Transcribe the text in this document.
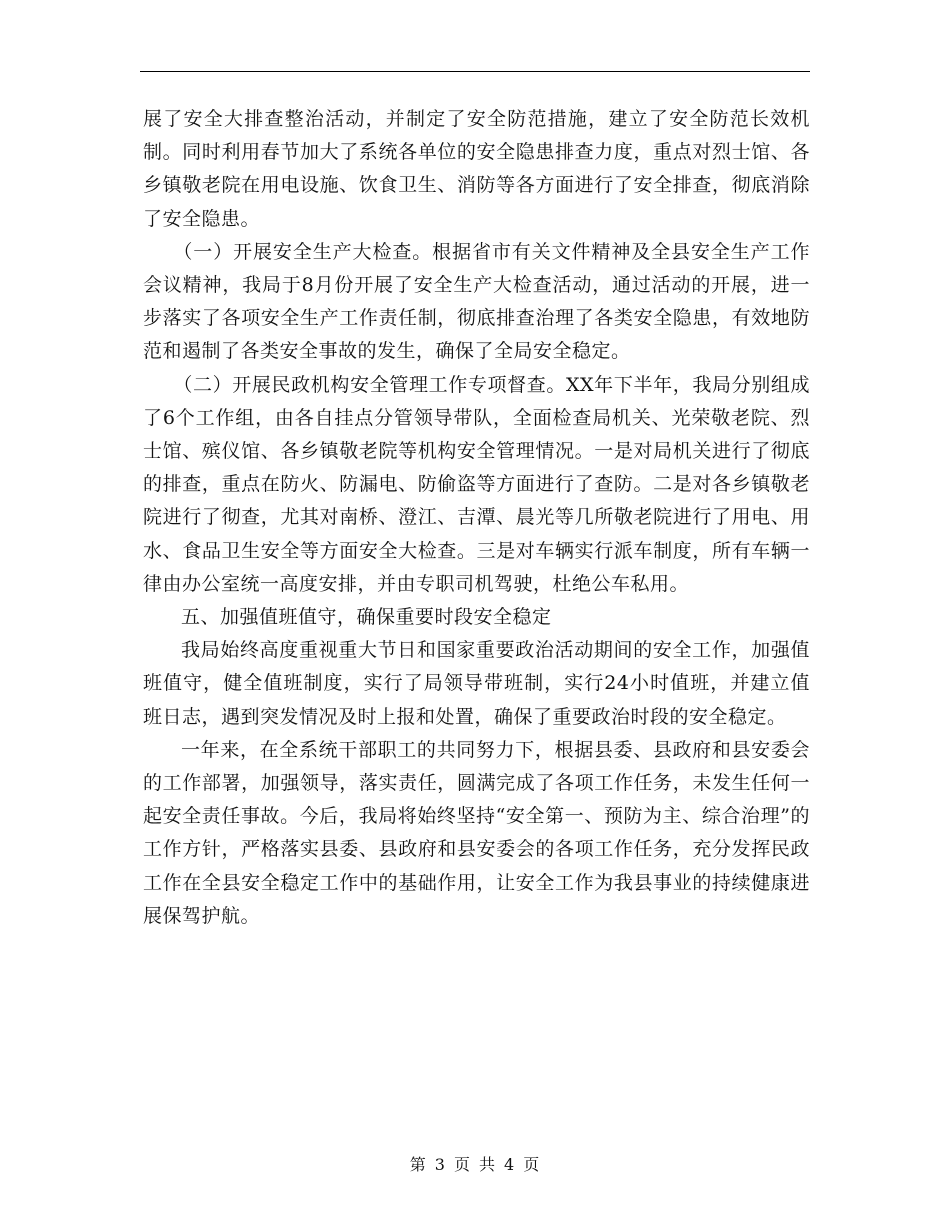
展了安全大排查整治活动，并制定了安全防范措施，建立了安全防范长效机制。同时利用春节加大了系统各单位的安全隐患排查力度，重点对烈士馆、各乡镇敬老院在用电设施、饮食卫生、消防等各方面进行了安全排查，彻底消除了安全隐患。

（一）开展安全生产大检查。根据省市有关文件精神及全县安全生产工作会议精神，我局于8月份开展了安全生产大检查活动，通过活动的开展，进一步落实了各项安全生产工作责任制，彻底排查治理了各类安全隐患，有效地防范和遏制了各类安全事故的发生，确保了全局安全稳定。

（二）开展民政机构安全管理工作专项督查。XX年下半年，我局分别组成了6个工作组，由各自挂点分管领导带队，全面检查局机关、光荣敬老院、烈士馆、殡仪馆、各乡镇敬老院等机构安全管理情况。一是对局机关进行了彻底的排查，重点在防火、防漏电、防偷盗等方面进行了查防。二是对各乡镇敬老院进行了彻查，尤其对南桥、澄江、吉潭、晨光等几所敬老院进行了用电、用水、食品卫生安全等方面安全大检查。三是对车辆实行派车制度，所有车辆一律由办公室统一高度安排，并由专职司机驾驶，杜绝公车私用。

五、加强值班值守，确保重要时段安全稳定

我局始终高度重视重大节日和国家重要政治活动期间的安全工作，加强值班值守，健全值班制度，实行了局领导带班制，实行24小时值班，并建立值班日志，遇到突发情况及时上报和处置，确保了重要政治时段的安全稳定。

一年来，在全系统干部职工的共同努力下，根据县委、县政府和县安委会的工作部署，加强领导，落实责任，圆满完成了各项工作任务，未发生任何一起安全责任事故。今后，我局将始终坚持“安全第一、预防为主、综合治理”的工作方针，严格落实县委、县政府和县安委会的各项工作任务，充分发挥民政工作在全县安全稳定工作中的基础作用，让安全工作为我县事业的持续健康进展保驾护航。

第 3 页 共 4 页
